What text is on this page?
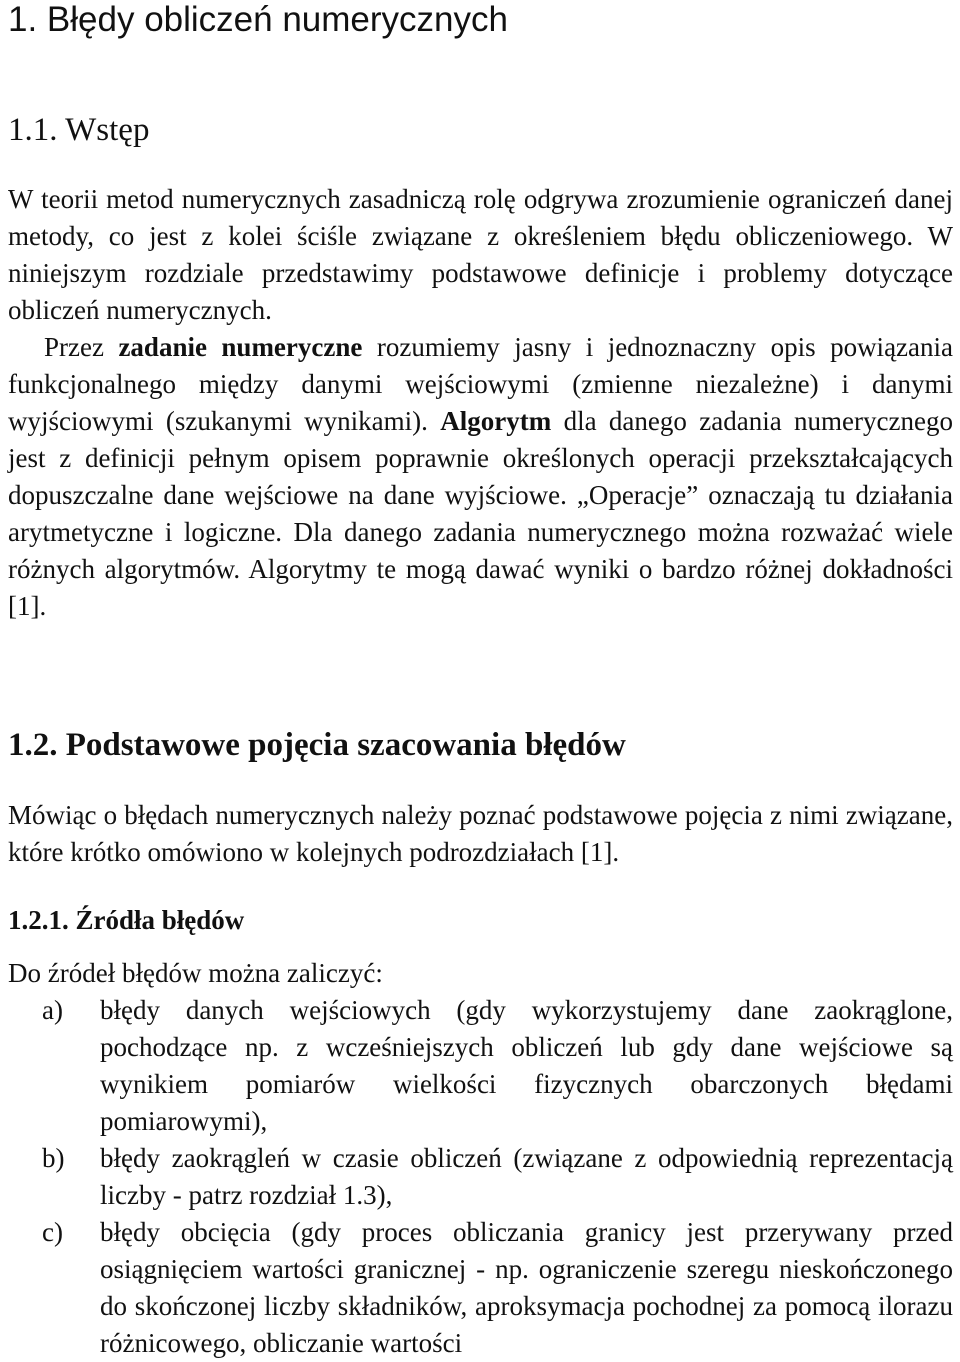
1. Błędy obliczeń numerycznych
1.1. Wstęp

W teorii metod numerycznych zasadniczą rolę odgrywa zrozumienie ograniczeń danej metody, co jest z kolei ściśle związane z określeniem błędu obliczeniowego. W niniejszym rozdziale przedstawimy podstawowe definicje i problemy dotyczące obliczeń numerycznych.

Przez zadanie numeryczne rozumiemy jasny i jednoznaczny opis powiązania funkcjonalnego między danymi wejściowymi (zmienne niezależne) i danymi wyjściowymi (szukanymi wynikami). Algorytm dla danego zadania numerycznego jest z definicji pełnym opisem poprawnie określonych operacji przekształcających dopuszczalne dane wejściowe na dane wyjściowe. „Operacje” oznaczają tu działania arytmetyczne i logiczne. Dla danego zadania numerycznego można rozważać wiele różnych algorytmów. Algorytmy te mogą dawać wyniki o bardzo różnej dokładności [1].

1.2. Podstawowe pojęcia szacowania błędów

Mówiąc o błędach numerycznych należy poznać podstawowe pojęcia z nimi związane, które krótko omówiono w kolejnych podrozdziałach [1].

1.2.1. Źródła błędów

Do źródeł błędów można zaliczyć:

a) błędy danych wejściowych (gdy wykorzystujemy dane zaokrąglone, pochodzące np. z wcześniejszych obliczeń lub gdy dane wejściowe są wynikiem pomiarów wielkości fizycznych obarczonych błędami pomiarowymi),
b) błędy zaokrągleń w czasie obliczeń (związane z odpowiednią reprezentacją liczby - patrz rozdział 1.3),
c) błędy obcięcia (gdy proces obliczania granicy jest przerywany przed osiągnięciem wartości granicznej - np. ograniczenie szeregu nieskończonego do skończonej liczby składników, aproksymacja pochodnej za pomocą ilorazu różnicowego, obliczanie wartości
